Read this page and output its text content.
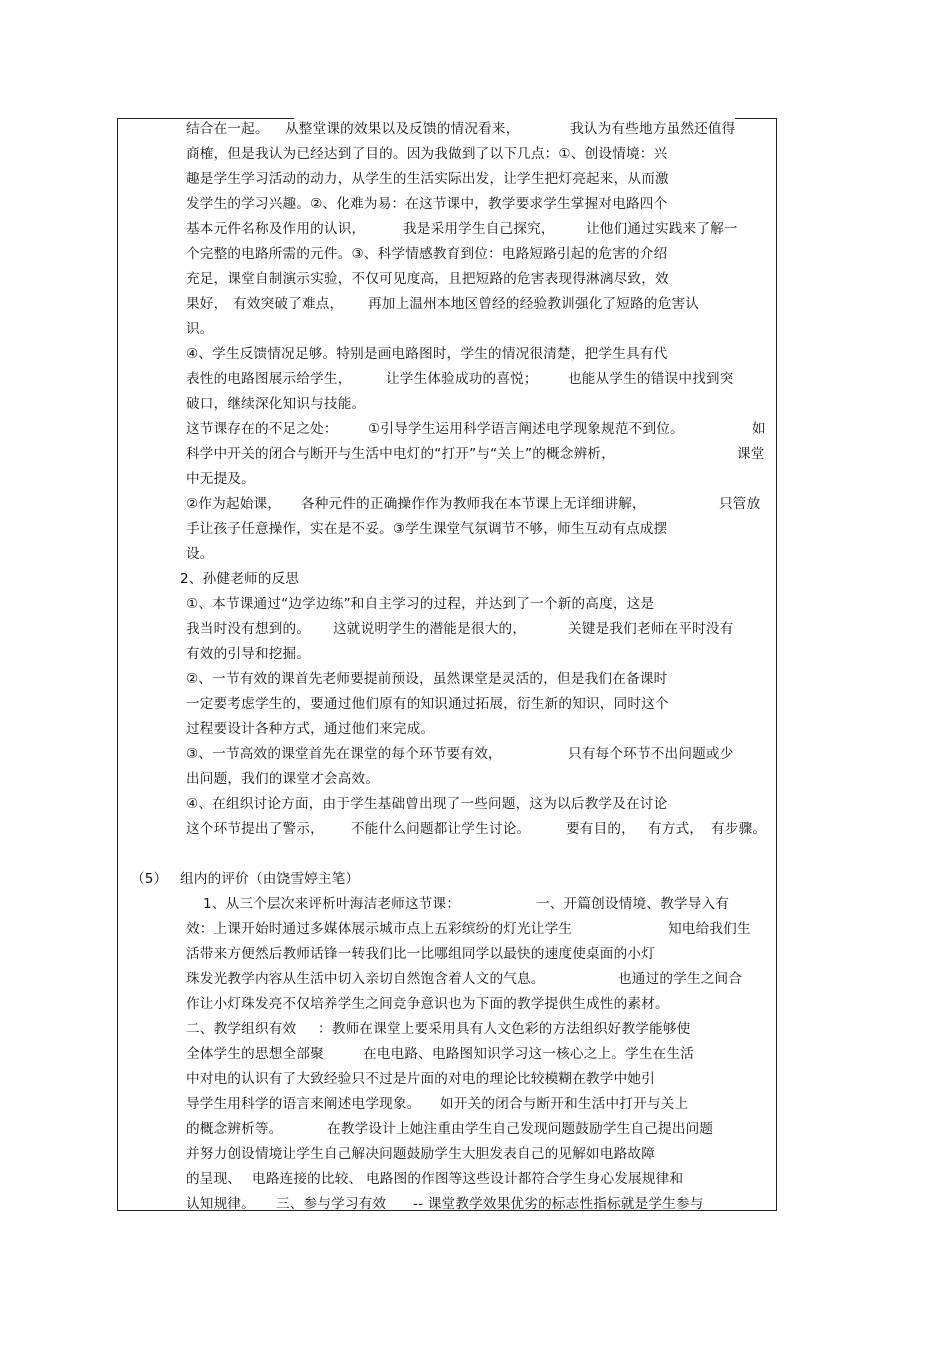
结合在一起。 从整堂课的效果以及反馈的情况看来，	我认为有些地方虽然还值得
商榷，但是我认为已经达到了目的。因为我做到了以下几点：①、创设情境：兴
趣是学生学习活动的动力，从学生的生活实际出发，让学生把灯亮起来，从而激
发学生的学习兴趣。②、化难为易：在这节课中，教学要求学生掌握对电路四个
基本元件名称及作用的认识，	我是采用学生自己探究， 让他们通过实践来了解一
个完整的电路所需的元件。③、科学情感教育到位：电路短路引起的危害的介绍
充足，课堂自制演示实验，不仅可见度高，且把短路的危害表现得淋漓尽致，效
果好， 有效突破了难点， 再加上温州本地区曾经的经验教训强化了短路的危害认
识。
④、学生反馈情况足够。特别是画电路图时，学生的情况很清楚，把学生具有代
表性的电路图展示给学生，	让学生体验成功的喜悦； 也能从学生的错误中找到突
破口，继续深化知识与技能。
这节课存在的不足之处： ①引导学生运用科学语言阐述电学现象规范不到位。	如
科学中开关的闭合与断开与生活中电灯的“打开”与“关上”的概念辨析，	课堂
中无提及。
②作为起始课， 各种元件的正确操作作为教师我在本节课上无详细讲解，	只管放
手让孩子任意操作，实在是不妥。③学生课堂气氛调节不够，师生互动有点成摆
设。
2、孙健老师的反思
①、本节课通过“边学边练”和自主学习的过程，并达到了一个新的高度，这是
我当时没有想到的。 这就说明学生的潜能是很大的，	关键是我们老师在平时没有
有效的引导和挖掘。
②、一节有效的课首先老师要提前预设，虽然课堂是灵活的，但是我们在备课时
一定要考虑学生的，要通过他们原有的知识通过拓展，衍生新的知识，同时这个
过程要设计各种方式，通过他们来完成。
③、一节高效的课堂首先在课堂的每个环节要有效，	只有每个环节不出问题或少
出问题，我们的课堂才会高效。
④、在组织讨论方面，由于学生基础曾出现了一些问题，这为以后教学及在讨论
这个环节提出了警示， 不能什么问题都让学生讨论。	要有目的， 有方式， 有步骤。
（5） 组内的评价（由饶雪婷主笔）
1、从三个层次来评析叶海洁老师这节课：	一、开篇创设情境、教学导入有
效：上课开始时通过多媒体展示城市点上五彩缤纷的灯光让学生	知电给我们生
活带来方便然后教师话锋一转我们比一比哪组同学以最快的速度使桌面的小灯
珠发光教学内容从生活中切入亲切自然饱含着人文的气息。	也通过的学生之间合
作让小灯珠发亮不仅培养学生之间竞争意识也为下面的教学提供生成性的素材。
二、教学组织有效 ：教师在课堂上要采用具有人文色彩的方法组织好教学能够使
全体学生的思想全部聚	在电电路、电路图知识学习这一核心之上。学生在生活
中对电的认识有了大致经验只不过是片面的对电的理论比较模糊在教学中她引
导学生用科学的语言来阐述电学现象。 如开关的闭合与断开和生活中打开与关上
的概念辨析等。	在教学设计上她注重由学生自己发现问题鼓励学生自己提出问题
并努力创设情境让学生自己解决问题鼓励学生大胆发表自己的见解如电路故障
的呈现、 电路连接的比较、 电路图的作图等这些设计都符合学生身心发展规律和
认知规律。 三、参与学习有效 -- 课堂教学效果优劣的标志性指标就是学生参与
